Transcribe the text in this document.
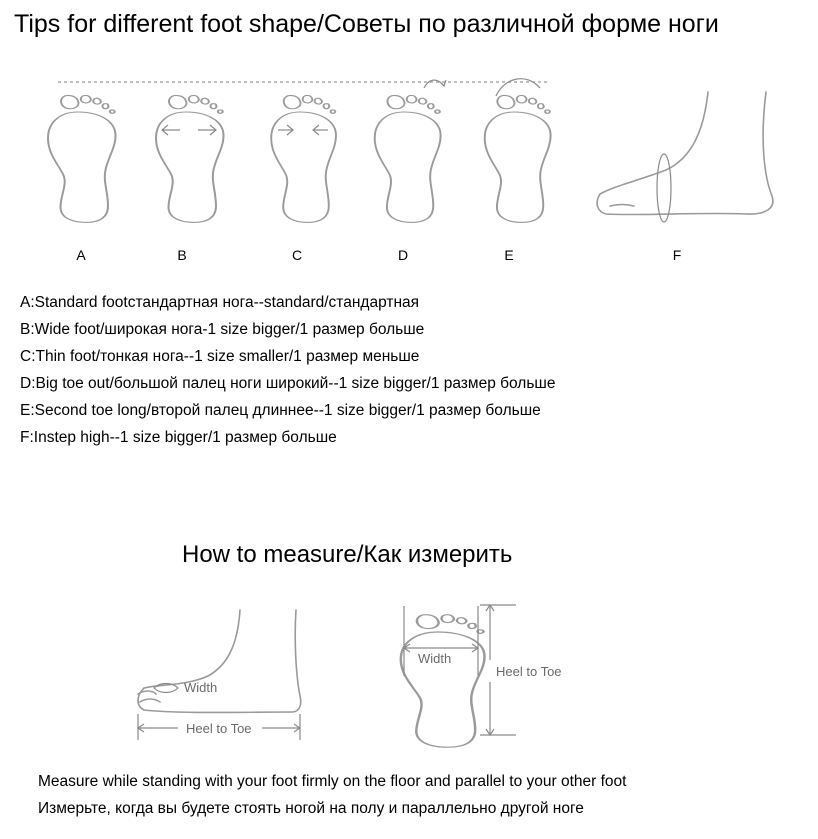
Tips for different foot shape/Советы по различной форме ноги
A	B	C	D	E	F
A:Standard footстандартная нога--standard/стандартная
B:Wide foot/широкая нога-1 size bigger/1 размер больше
C:Thin foot/тонкая нога--1 size smaller/1 размер меньше
D:Big toe out/большой палец ноги широкий--1 size bigger/1 размер больше
E:Second toe long/второй палец длиннее--1 size bigger/1 размер больше
F:Instep high--1 size bigger/1 размер больше
How to measure/Как измерить
Width
Heel to Toe
Width
Heel to Toe
Measure while standing with your foot firmly on the floor and parallel to your other foot
Измерьте, когда вы будете стоять ногой на полу и параллельно другой ноге
